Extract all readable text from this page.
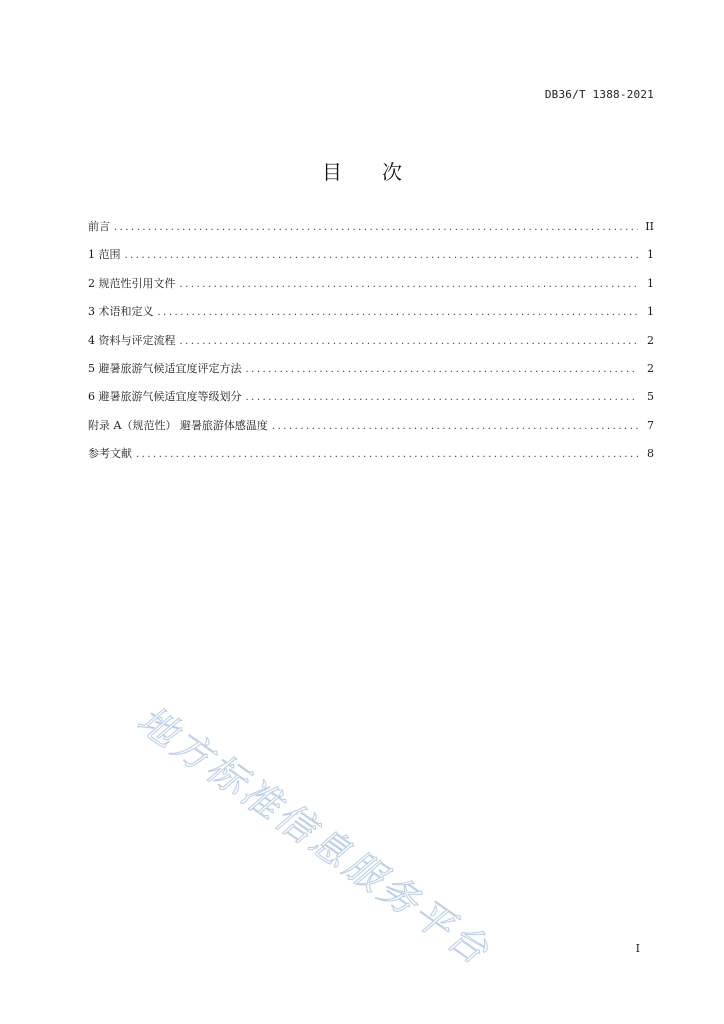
DB36/T 1388-2021
目 次
前言 .....	II
1 范围 .....	1
2 规范性引用文件 .....	1
3 术语和定义 .....	1
4 资料与评定流程 .....	2
5 避暑旅游气候适宜度评定方法 .....	2
6 避暑旅游气候适宜度等级划分 .....	5
附录 A（规范性） 避暑旅游体感温度 .....	7
参考文献 .....	8
地方标准信息服务平台	I
